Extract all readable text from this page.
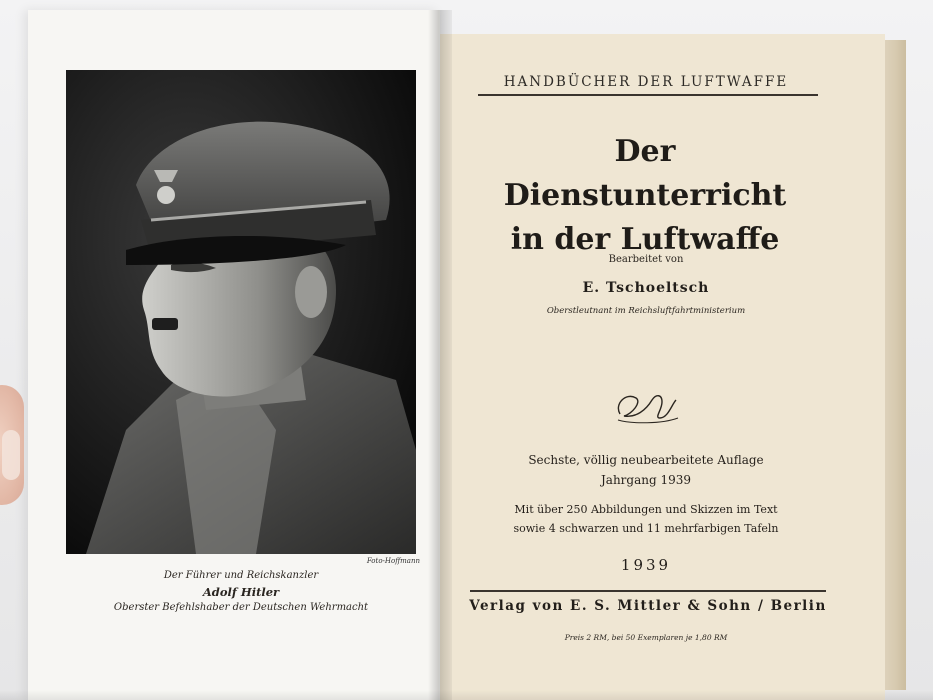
Foto-Hoffmann
Der Führer und Reichskanzler
Adolf Hitler
Oberster Befehlshaber der Deutschen Wehrmacht
HANDBÜCHER DER LUFTWAFFE
Der Dienstunterricht
in der Luftwaffe
Bearbeitet von
E. Tschoeltsch
Oberstleutnant im Reichsluftfahrtministerium
Sechste, völlig neubearbeitete Auflage
Jahrgang 1939
Mit über 250 Abbildungen und Skizzen im Text
sowie 4 schwarzen und 11 mehrfarbigen Tafeln
1939
Verlag von E. S. Mittler & Sohn / Berlin
Preis 2 RM, bei 50 Exemplaren je 1,80 RM
